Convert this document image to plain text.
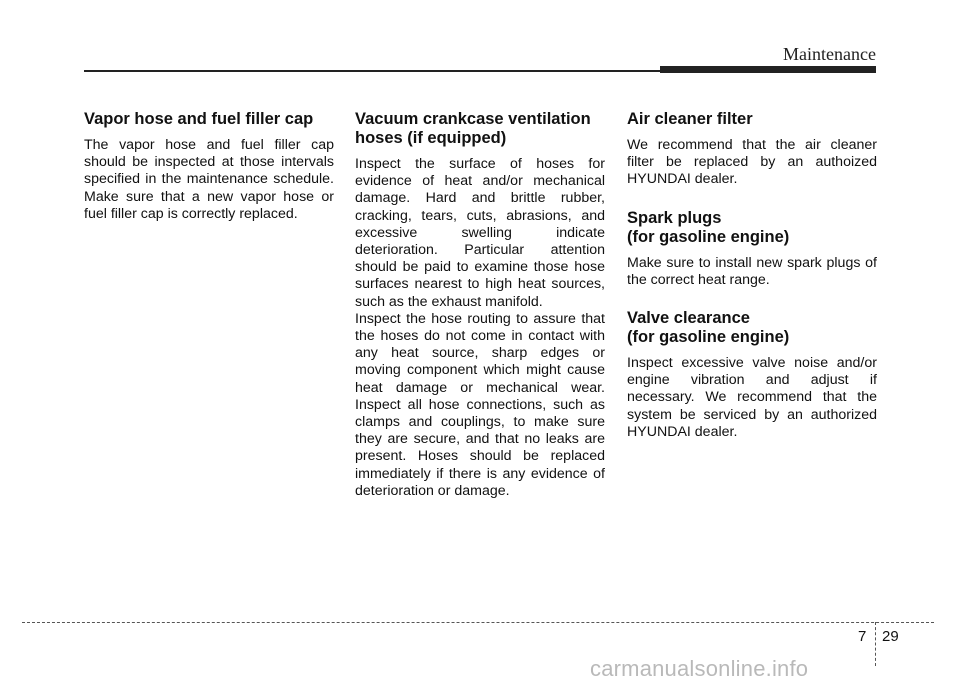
Maintenance
Vapor hose and fuel filler cap

The vapor hose and fuel filler cap should be inspected at those intervals specified in the maintenance schedule. Make sure that a new vapor hose or fuel filler cap is correctly replaced.

Vacuum crankcase ventilation
hoses (if equipped)

Inspect the surface of hoses for evidence of heat and/or mechanical damage. Hard and brittle rubber, cracking, tears, cuts, abrasions, and excessive swelling indicate deterioration. Particular attention should be paid to examine those hose surfaces nearest to high heat sources, such as the exhaust manifold.

Inspect the hose routing to assure that the hoses do not come in contact with any heat source, sharp edges or moving component which might cause heat damage or mechanical wear. Inspect all hose connections, such as clamps and couplings, to make sure they are secure, and that no leaks are present. Hoses should be replaced immediately if there is any evidence of deterioration or damage.

Air cleaner filter

We recommend that the air cleaner filter be replaced by an authoized HYUNDAI dealer.

Spark plugs
(for gasoline engine)

Make sure to install new spark plugs of the correct heat range.

Valve clearance
(for gasoline engine)

Inspect excessive valve noise and/or engine vibration and adjust if necessary. We recommend that the system be serviced by an authorized HYUNDAI dealer.

7 29
carmanualsonline.info
